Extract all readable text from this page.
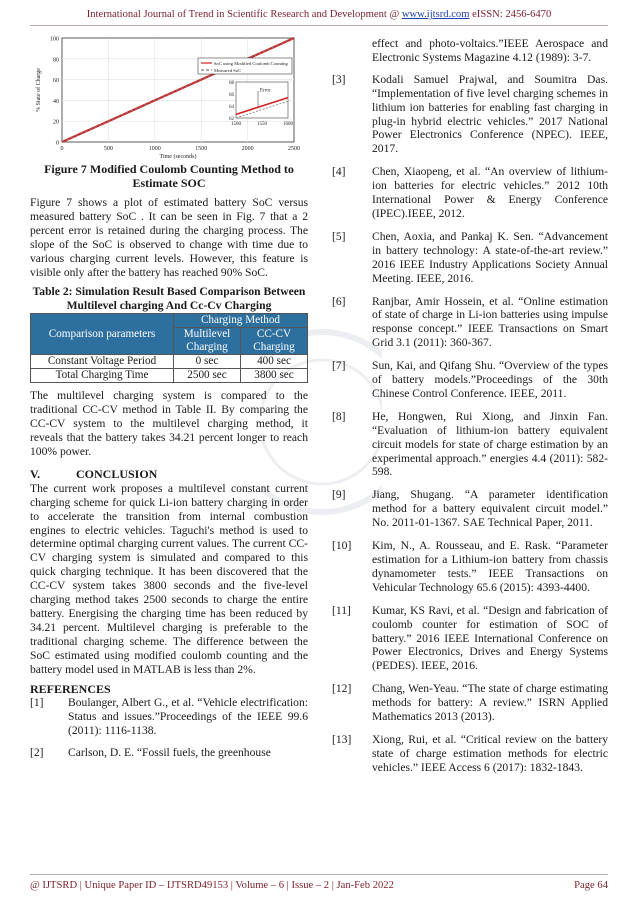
International Journal of Trend in Scientific Research and Development @ www.ijtsrd.com eISSN: 2456-6470
0
20
40
60
80
100
0	500	1000	1500	2000	2500
Time (seconds)
% State of Charge
SoC using Modified Coulomb Counting
Measured SoC
62
64
66
68
1500	1550	1600
Error
Figure 7 Modified Coulomb Counting Method to Estimate SOC

Figure 7 shows a plot of estimated battery SoC versus measured battery SoC . It can be seen in Fig. 7 that a 2 percent error is retained during the charging process. The slope of the SoC is observed to change with time due to various charging current levels. However, this feature is visible only after the battery has reached 90% SoC.

Table 2: Simulation Result Based Comparison Between Multilevel charging And Cc-Cv Charging
Comparison parameters	Charging Method	
	Multilevel Charging	CC-CV Charging
Constant Voltage Period	0 sec	400 sec
Total Charging Time	2500 sec	3800 sec

The multilevel charging system is compared to the traditional CC-CV method in Table II. By comparing the CC-CV system to the multilevel charging method, it reveals that the battery takes 34.21 percent longer to reach 100% power.

V.	CONCLUSION

The current work proposes a multilevel constant current charging scheme for quick Li-ion battery charging in order to accelerate the transition from internal combustion engines to electric vehicles. Taguchi's method is used to determine optimal charging current values. The current CC-CV charging system is simulated and compared to this quick charging technique. It has been discovered that the CC-CV system takes 3800 seconds and the five-level charging method takes 2500 seconds to charge the entire battery. Energising the charging time has been reduced by 34.21 percent. Multilevel charging is preferable to the traditional charging scheme. The difference between the SoC estimated using modified coulomb counting and the battery model used in MATLAB is less than 2%.

REFERENCES
[1] Boulanger, Albert G., et al. “Vehicle electrification: Status and issues.”Proceedings of the IEEE 99.6 (2011): 1116-1138.
[2] Carlson, D. E. “Fossil fuels, the greenhouse
effect and photo-voltaics.”IEEE Aerospace and Electronic Systems Magazine 4.12 (1989): 3-7.
[3] Kodali Samuel Prajwal, and Soumitra Das. “Implementation of five level charging schemes in lithium ion batteries for enabling fast charging in plug-in hybrid electric vehicles.” 2017 National Power Electronics Conference (NPEC). IEEE, 2017.
[4] Chen, Xiaopeng, et al. “An overview of lithium-ion batteries for electric vehicles.” 2012 10th International Power & Energy Conference (IPEC).IEEE, 2012.
[5] Chen, Aoxia, and Pankaj K. Sen. “Advancement in battery technology: A state-of-the-art review.” 2016 IEEE Industry Applications Society Annual Meeting. IEEE, 2016.
[6] Ranjbar, Amir Hossein, et al. “Online estimation of state of charge in Li-ion batteries using impulse response concept.” IEEE Transactions on Smart Grid 3.1 (2011): 360-367.
[7] Sun, Kai, and Qifang Shu. “Overview of the types of battery models.”Proceedings of the 30th Chinese Control Conference. IEEE, 2011.
[8] He, Hongwen, Rui Xiong, and Jinxin Fan. “Evaluation of lithium-ion battery equivalent circuit models for state of charge estimation by an experimental approach.” energies 4.4 (2011): 582-598.
[9] Jiang, Shugang. “A parameter identification method for a battery equivalent circuit model.” No. 2011-01-1367. SAE Technical Paper, 2011.
[10] Kim, N., A. Rousseau, and E. Rask. “Parameter estimation for a Lithium-ion battery from chassis dynamometer tests.” IEEE Transactions on Vehicular Technology 65.6 (2015): 4393-4400.
[11] Kumar, KS Ravi, et al. “Design and fabrication of coulomb counter for estimation of SOC of battery.” 2016 IEEE International Conference on Power Electronics, Drives and Energy Systems (PEDES). IEEE, 2016.
[12] Chang, Wen-Yeau. “The state of charge estimating methods for battery: A review.” ISRN Applied Mathematics 2013 (2013).
[13] Xiong, Rui, et al. “Critical review on the battery state of charge estimation methods for electric vehicles.” IEEE Access 6 (2017): 1832-1843.
@ IJTSRD | Unique Paper ID – IJTSRD49153 | Volume – 6 | Issue – 2 | Jan-Feb 2022	Page 64
